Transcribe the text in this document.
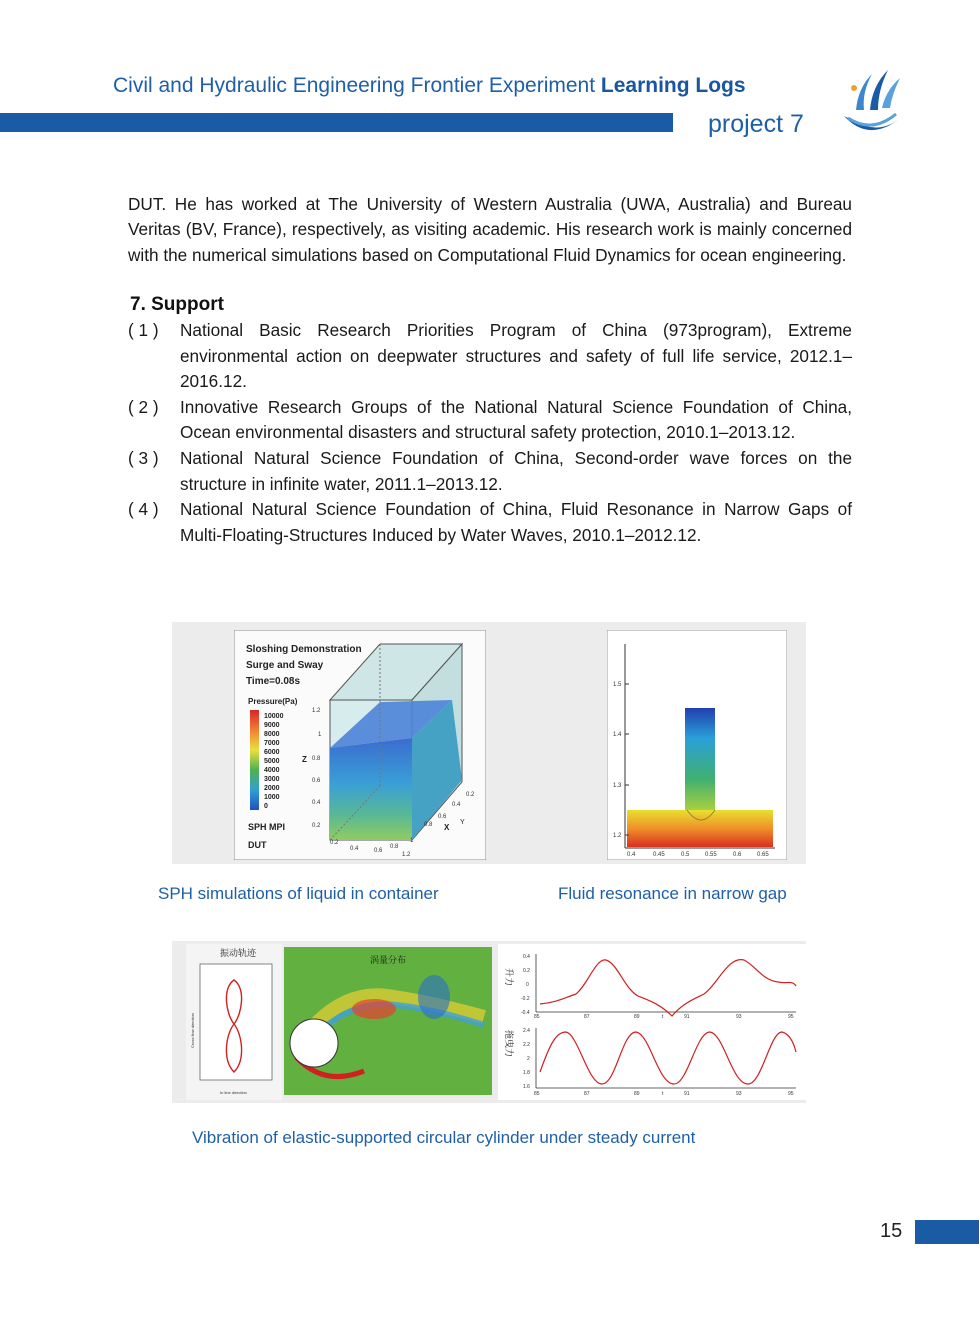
Civil and Hydraulic Engineering Frontier Experiment Learning Logs
project 7
DUT. He has worked at The University of Western Australia (UWA, Australia) and Bureau Veritas (BV, France), respectively, as visiting academic. His research work is mainly concerned with the numerical simulations based on Computational Fluid Dynamics for ocean engineering.
7. Support
( 1 )	National Basic Research Priorities Program of China (973program), Extreme environmental action on deepwater structures and safety of full life service, 2012.1–2016.12.
( 2 )	Innovative Research Groups of the National Natural Science Foundation of China, Ocean environmental disasters and structural safety protection, 2010.1–2013.12.
( 3 )	National Natural Science Foundation of China, Second-order wave forces on the structure in infinite water, 2011.1–2013.12.
( 4 )	National Natural Science Foundation of China, Fluid Resonance in Narrow Gaps of Multi-Floating-Structures Induced by Water Waves, 2010.1–2012.12.
Sloshing Demonstration
Surge and Sway
Time=0.08s
Pressure(Pa)
10000
9000
8000
7000
6000
5000
4000
3000
2000
1000
0
SPH MPI
DUT
1.2
1
0.8
0.6
0.4
0.2
Z
0.2
0.4	0.6
0.8
1
1.2
X
0.2
0.4
0.6
0.8	Y
1.5
1.4
1.3
1.2
0.4	0.45	0.5	0.55	0.6	0.65
SPH simulations of liquid in container	Fluid resonance in narrow gap
振动轨迹
In line direction
Cross flow direction
涡量分布
升力
0.4
0.2
0
-0.2
-0.4
85	87	89	91	93	95
t
拖曳力 2.4
2.2
2
1.8
1.6
85	87	89	91	93	95
t
Vibration of elastic-supported circular cylinder under steady current
15
